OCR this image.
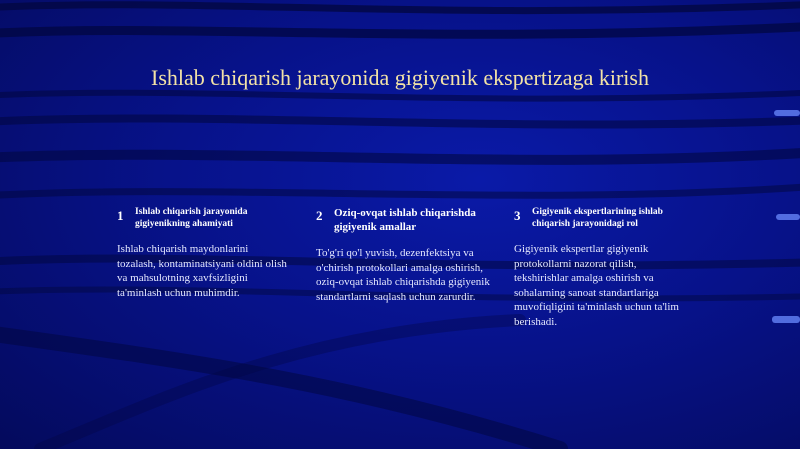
Ishlab chiqarish jarayonida gigiyenik ekspertizaga kirish
1	Ishlab chiqarish jarayonida gigiyenikning ahamiyati
Ishlab chiqarish maydonlarini tozalash, kontaminatsiyani oldini olish va mahsulotning xavfsizligini ta'minlash uchun muhimdir.
2	Oziq-ovqat ishlab chiqarishda gigiyenik amallar
To'g'ri qo'l yuvish, dezenfektsiya va o'chirish protokollari amalga oshirish, oziq-ovqat ishlab chiqarishda gigiyenik standartlarni saqlash uchun zarurdir.
3	Gigiyenik ekspertlarining ishlab chiqarish jarayonidagi rol
Gigiyenik ekspertlar gigiyenik protokollarni nazorat qilish, tekshirishlar amalga oshirish va sohalarning sanoat standartlariga muvofiqligini ta'minlash uchun ta'lim berishadi.
